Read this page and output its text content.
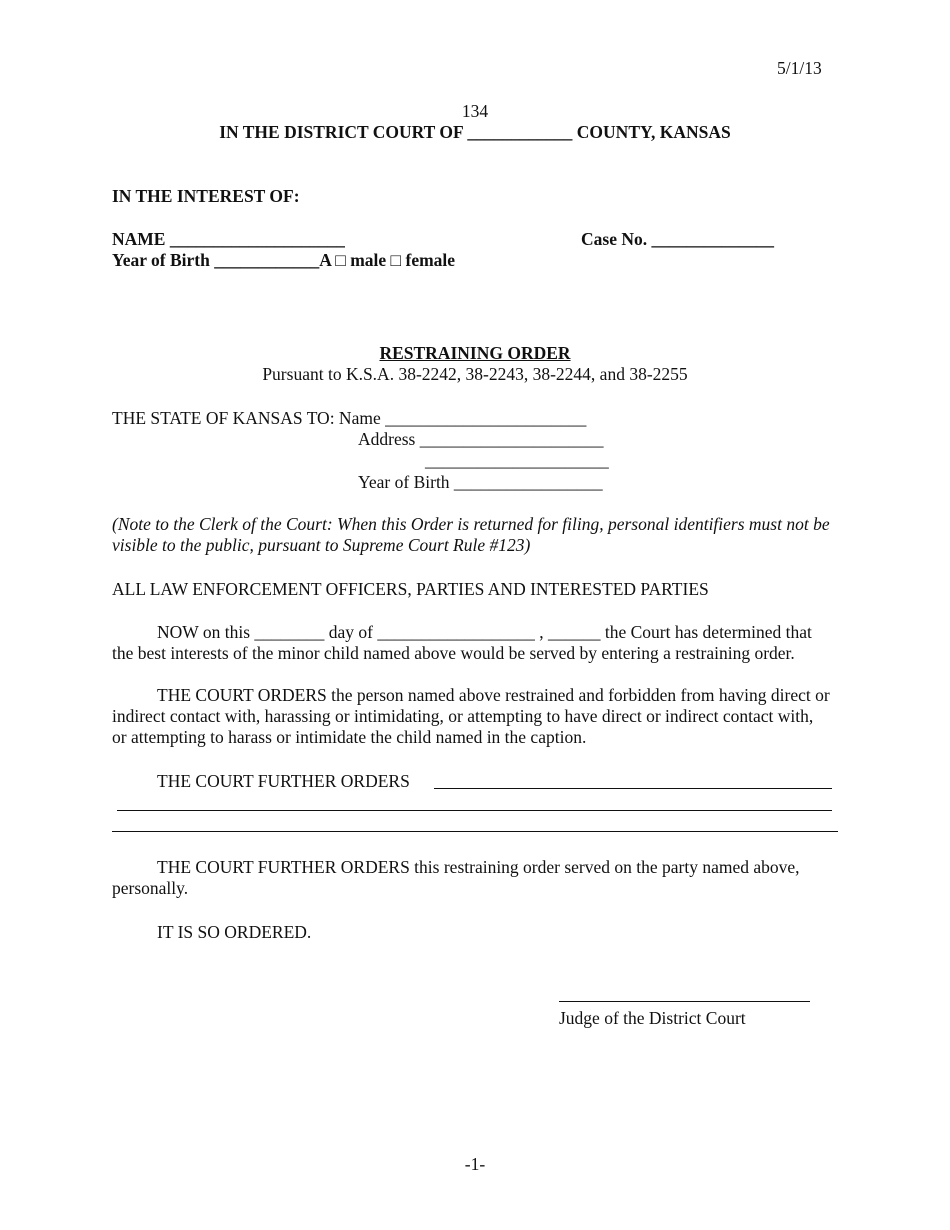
5/1/13
134
IN THE DISTRICT COURT OF ____________ COUNTY, KANSAS
IN THE INTEREST OF:
NAME ____________________	Case No. ______________
Year of Birth ____________A □ male □ female
RESTRAINING ORDER
Pursuant to K.S.A. 38-2242, 38-2243, 38-2244, and 38-2255
THE STATE OF KANSAS TO: Name _______________________
Address _____________________
_____________________
Year of Birth _________________
(Note to the Clerk of the Court: When this Order is returned for filing, personal identifiers must not be visible to the public, pursuant to Supreme Court Rule #123)
ALL LAW ENFORCEMENT OFFICERS, PARTIES AND INTERESTED PARTIES
NOW on this ________ day of __________________ , ______ the Court has determined that the best interests of the minor child named above would be served by entering a restraining order.
THE COURT ORDERS the person named above restrained and forbidden from having direct or indirect contact with, harassing or intimidating, or attempting to have direct or indirect contact with, or attempting to harass or intimidate the child named in the caption.
THE COURT FURTHER ORDERS
THE COURT FURTHER ORDERS this restraining order served on the party named above, personally.
IT IS SO ORDERED.
Judge of the District Court
-1-
